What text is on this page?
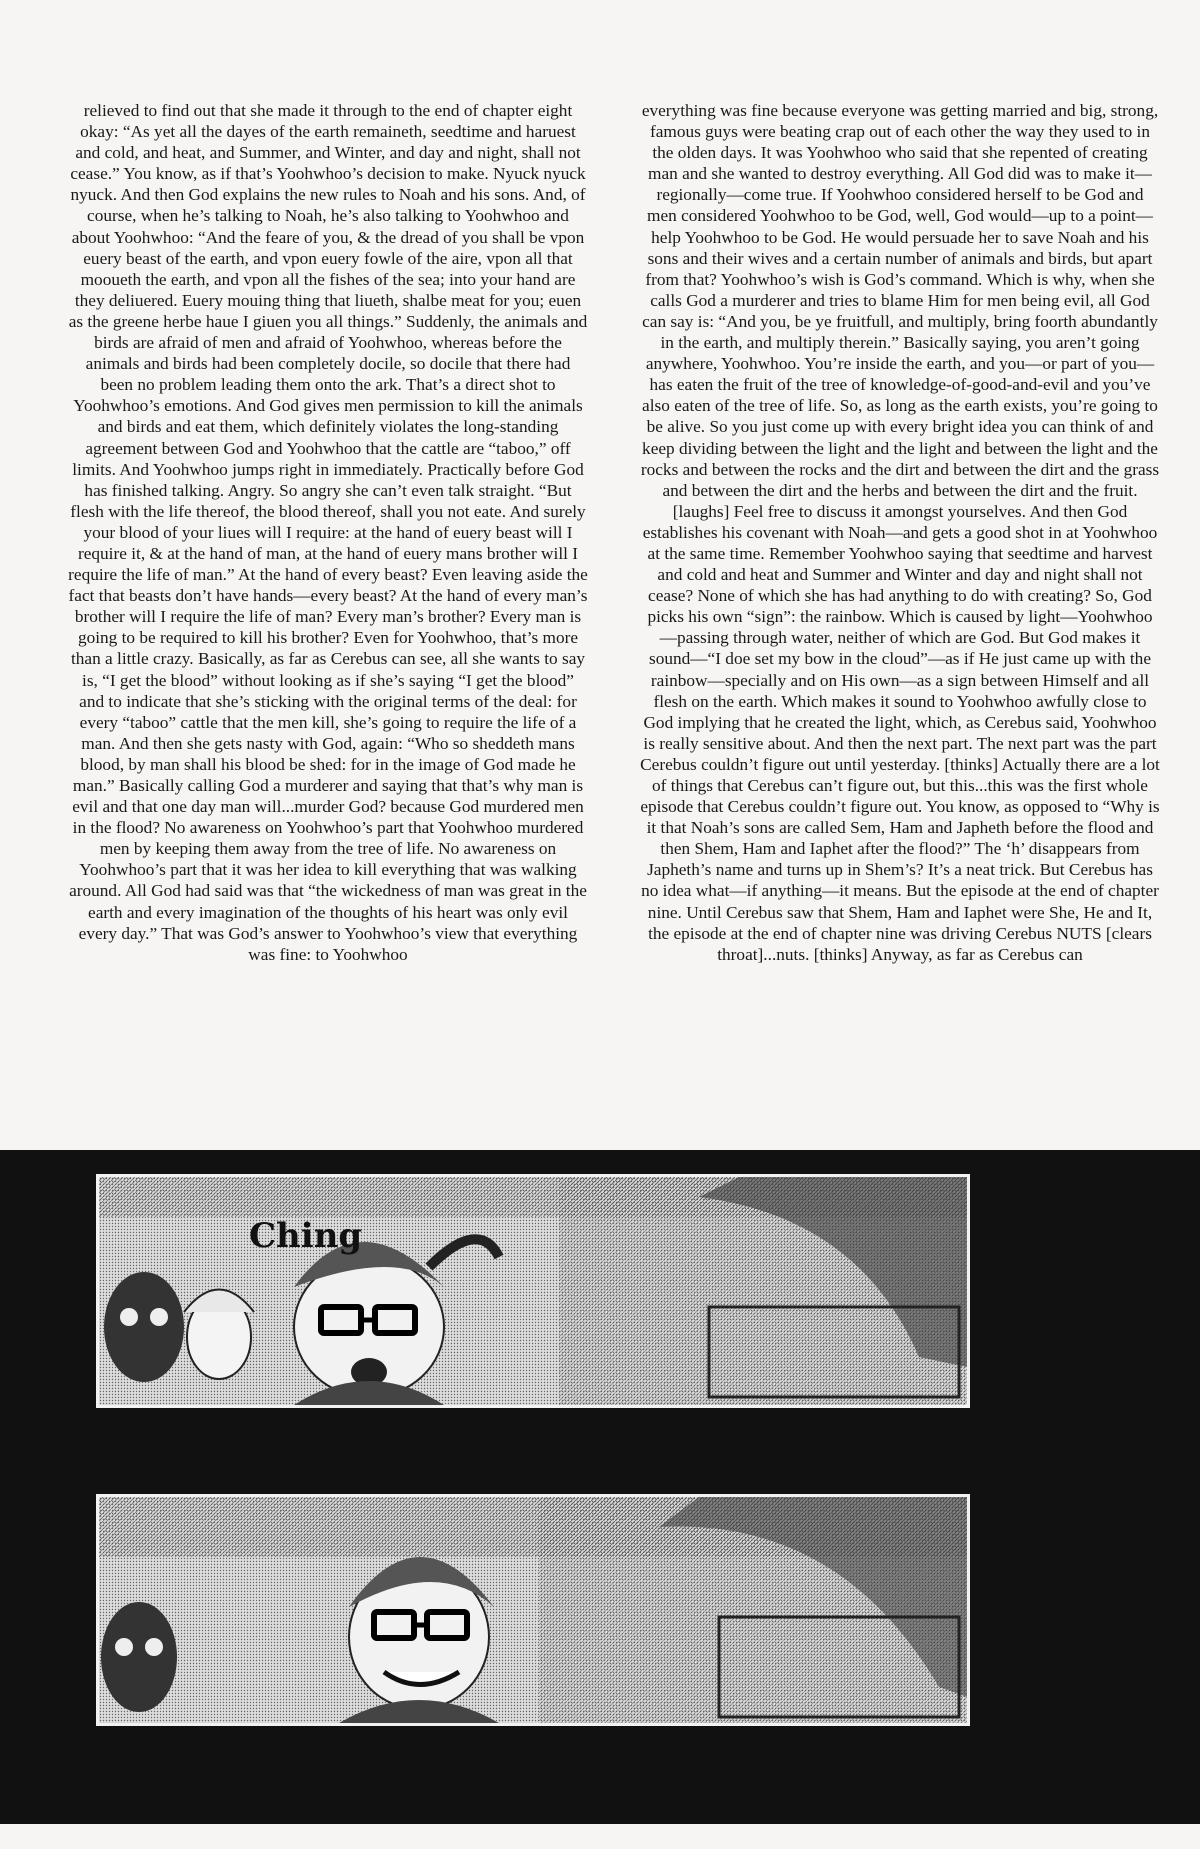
relieved to find out that she made it through to the end of chapter eight okay: “As yet all the dayes of the earth remaineth, seedtime and haruest and cold, and heat, and Summer, and Winter, and day and night, shall not cease.” You know, as if that’s Yoohwhoo’s decision to make. Nyuck nyuck nyuck. And then God explains the new rules to Noah and his sons. And, of course, when he’s talking to Noah, he’s also talking to Yoohwhoo and about Yoohwhoo: “And the feare of you, & the dread of you shall be vpon euery beast of the earth, and vpon euery fowle of the aire, vpon all that mooueth the earth, and vpon all the fishes of the sea; into your hand are they deliuered. Euery mouing thing that liueth, shalbe meat for you; euen as the greene herbe haue I giuen you all things.” Suddenly, the animals and birds are afraid of men and afraid of Yoohwhoo, whereas before the animals and birds had been completely docile, so docile that there had been no problem leading them onto the ark. That’s a direct shot to Yoohwhoo’s emotions. And God gives men permission to kill the animals and birds and eat them, which definitely violates the long-standing agreement between God and Yoohwhoo that the cattle are “taboo,” off limits. And Yoohwhoo jumps right in immediately. Practically before God has finished talking. Angry. So angry she can’t even talk straight. “But flesh with the life thereof, the blood thereof, shall you not eate. And surely your blood of your liues will I require: at the hand of euery beast will I require it, & at the hand of man, at the hand of euery mans brother will I require the life of man.” At the hand of every beast? Even leaving aside the fact that beasts don’t have hands—every beast? At the hand of every man’s brother will I require the life of man? Every man’s brother? Every man is going to be required to kill his brother? Even for Yoohwhoo, that’s more than a little crazy. Basically, as far as Cerebus can see, all she wants to say is, “I get the blood” without looking as if she’s saying “I get the blood” and to indicate that she’s sticking with the original terms of the deal: for every “taboo” cattle that the men kill, she’s going to require the life of a man. And then she gets nasty with God, again: “Who so sheddeth mans blood, by man shall his blood be shed: for in the image of God made he man.” Basically calling God a murderer and saying that that’s why man is evil and that one day man will...murder God? because God murdered men in the flood? No awareness on Yoohwhoo’s part that Yoohwhoo murdered men by keeping them away from the tree of life. No awareness on Yoohwhoo’s part that it was her idea to kill everything that was walking around. All God had said was that “the wickedness of man was great in the earth and every imagination of the thoughts of his heart was only evil every day.” That was God’s answer to Yoohwhoo’s view that everything was fine: to Yoohwhoo

everything was fine because everyone was getting married and big, strong, famous guys were beating crap out of each other the way they used to in the olden days. It was Yoohwhoo who said that she repented of creating man and she wanted to destroy everything. All God did was to make it—regionally—come true. If Yoohwhoo considered herself to be God and men considered Yoohwhoo to be God, well, God would—up to a point—help Yoohwhoo to be God. He would persuade her to save Noah and his sons and their wives and a certain number of animals and birds, but apart from that? Yoohwhoo’s wish is God’s command. Which is why, when she calls God a murderer and tries to blame Him for men being evil, all God can say is: “And you, be ye fruitfull, and multiply, bring foorth abundantly in the earth, and multiply therein.” Basically saying, you aren’t going anywhere, Yoohwhoo. You’re inside the earth, and you—or part of you—has eaten the fruit of the tree of knowledge-of-good-and-evil and you’ve also eaten of the tree of life. So, as long as the earth exists, you’re going to be alive. So you just come up with every bright idea you can think of and keep dividing between the light and the light and between the light and the rocks and between the rocks and the dirt and between the dirt and the grass and between the dirt and the herbs and between the dirt and the fruit. [laughs] Feel free to discuss it amongst yourselves. And then God establishes his covenant with Noah—and gets a good shot in at Yoohwhoo at the same time. Remember Yoohwhoo saying that seedtime and harvest and cold and heat and Summer and Winter and day and night shall not cease? None of which she has had anything to do with creating? So, God picks his own “sign”: the rainbow. Which is caused by light—Yoohwhoo—passing through water, neither of which are God. But God makes it sound—“I doe set my bow in the cloud”—as if He just came up with the rainbow—specially and on His own—as a sign between Himself and all flesh on the earth. Which makes it sound to Yoohwhoo awfully close to God implying that he created the light, which, as Cerebus said, Yoohwhoo is really sensitive about. And then the next part. The next part was the part Cerebus couldn’t figure out until yesterday. [thinks] Actually there are a lot of things that Cerebus can’t figure out, but this...this was the first whole episode that Cerebus couldn’t figure out. You know, as opposed to “Why is it that Noah’s sons are called Sem, Ham and Japheth before the flood and then Shem, Ham and Iaphet after the flood?” The ‘h’ disappears from Japheth’s name and turns up in Shem’s? It’s a neat trick. But Cerebus has no idea what—if anything—it means. But the episode at the end of chapter nine. Until Cerebus saw that Shem, Ham and Iaphet were She, He and It, the episode at the end of chapter nine was driving Cerebus NUTS [clears throat]...nuts. [thinks] Anyway, as far as Cerebus can

Ching
